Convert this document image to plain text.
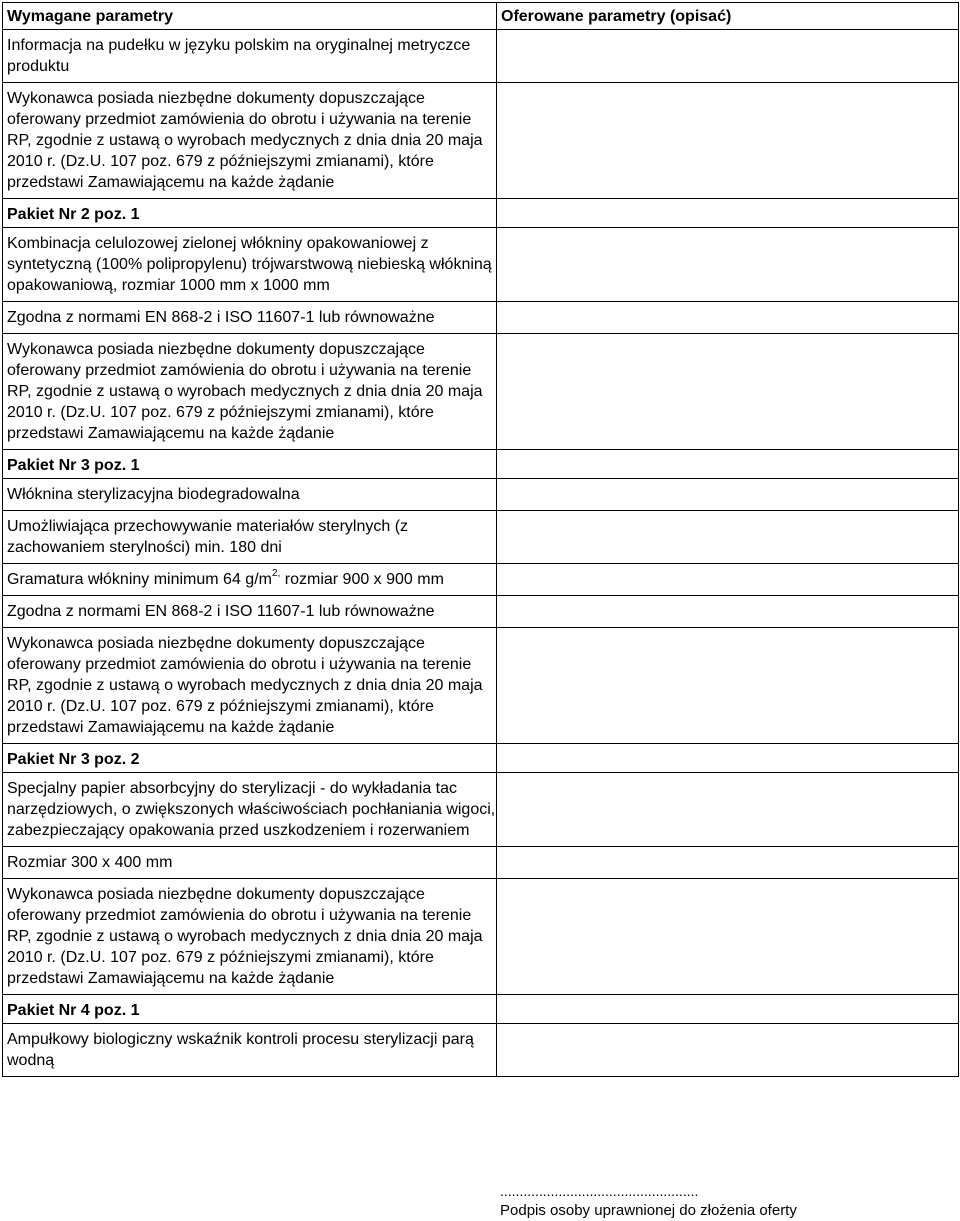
Wymagane parametry	Oferowane parametry (opisać)
Informacja na pudełku w języku polskim na oryginalnej metryczce produktu	
Wykonawca posiada niezbędne dokumenty dopuszczające oferowany przedmiot zamówienia do obrotu i używania na terenie RP, zgodnie z ustawą o wyrobach medycznych z dnia dnia 20 maja 2010 r. (Dz.U. 107 poz. 679 z późniejszymi zmianami), które przedstawi Zamawiającemu na każde żądanie	
Pakiet Nr 2 poz. 1	
Kombinacja celulozowej zielonej włókniny opakowaniowej z syntetyczną (100% polipropylenu) trójwarstwową niebieską włókniną opakowaniową, rozmiar 1000 mm x 1000 mm	
Zgodna z normami EN 868-2 i ISO 11607-1 lub równoważne	
Wykonawca posiada niezbędne dokumenty dopuszczające oferowany przedmiot zamówienia do obrotu i używania na terenie RP, zgodnie z ustawą o wyrobach medycznych z dnia dnia 20 maja 2010 r. (Dz.U. 107 poz. 679 z późniejszymi zmianami), które przedstawi Zamawiającemu na każde żądanie	
Pakiet Nr 3 poz. 1	
Włóknina sterylizacyjna biodegradowalna	
Umożliwiająca przechowywanie materiałów sterylnych (z zachowaniem sterylności) min. 180 dni	
Gramatura włókniny minimum 64 $g/m^{2,}$ rozmiar 900 x 900 mm	
Zgodna z normami EN 868-2 i ISO 11607-1 lub równoważne	
Wykonawca posiada niezbędne dokumenty dopuszczające oferowany przedmiot zamówienia do obrotu i używania na terenie RP, zgodnie z ustawą o wyrobach medycznych z dnia dnia 20 maja 2010 r. (Dz.U. 107 poz. 679 z późniejszymi zmianami), które przedstawi Zamawiającemu na każde żądanie	
Pakiet Nr 3 poz. 2	
Specjalny papier absorbcyjny do sterylizacji - do wykładania tac narzędziowych, o zwiększonych właściwościach pochłaniania wigoci, zabezpieczający opakowania przed uszkodzeniem i rozerwaniem	
Rozmiar 300 x 400 mm	
Wykonawca posiada niezbędne dokumenty dopuszczające oferowany przedmiot zamówienia do obrotu i używania na terenie RP, zgodnie z ustawą o wyrobach medycznych z dnia dnia 20 maja 2010 r. (Dz.U. 107 poz. 679 z późniejszymi zmianami), które przedstawi Zamawiającemu na każde żądanie	
Pakiet Nr 4 poz. 1	
Ampułkowy biologiczny wskaźnik kontroli procesu sterylizacji parą wodną	
...................................................
Podpis osoby uprawnionej do złożenia oferty
